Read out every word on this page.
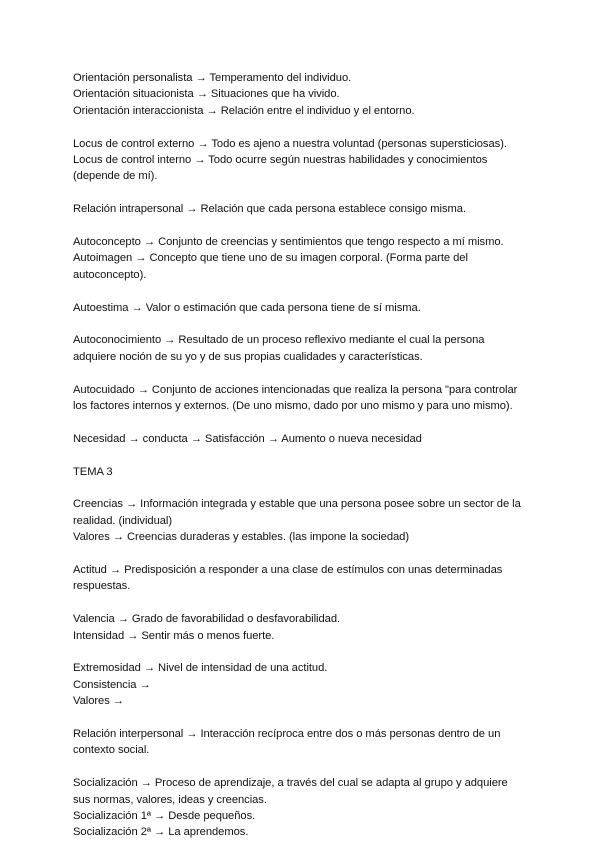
Orientación personalista → Temperamento del individuo.
Orientación situacionista → Situaciones que ha vivido.
Orientación interaccionista → Relación entre el individuo y el entorno.
Locus de control externo → Todo es ajeno a nuestra voluntad (personas supersticiosas).
Locus de control interno → Todo ocurre según nuestras habilidades y conocimientos
(depende de mí).
Relación intrapersonal → Relación que cada persona establece consigo misma.
Autoconcepto → Conjunto de creencias y sentimientos que tengo respecto a mí mismo.
Autoimagen → Concepto que tiene uno de su imagen corporal. (Forma parte del
autoconcepto).
Autoestima → Valor o estimación que cada persona tiene de sí misma.
Autoconocimiento → Resultado de un proceso reflexivo mediante el cual la persona
adquiere noción de su yo y de sus propias cualidades y características.
Autocuidado → Conjunto de acciones intencionadas que realiza la persona "para controlar
los factores internos y externos. (De uno mismo, dado por uno mismo y para uno mismo).
Necesidad → conducta → Satisfacción → Aumento o nueva necesidad
TEMA 3
Creencias → Información integrada y estable que una persona posee sobre un sector de la
realidad. (individual)
Valores → Creencias duraderas y estables. (las impone la sociedad)
Actitud → Predisposición a responder a una clase de estímulos con unas determinadas
respuestas.
Valencia → Grado de favorabilidad o desfavorabilidad.
Intensidad → Sentir más o menos fuerte.
Extremosidad → Nivel de intensidad de una actitud.
Consistencia →
Valores →
Relación interpersonal → Interacción recíproca entre dos o más personas dentro de un
contexto social.
Socialización → Proceso de aprendizaje, a través del cual se adapta al grupo y adquiere
sus normas, valores, ideas y creencias.
Socialización 1ª → Desde pequeños.
Socialización 2ª → La aprendemos.
